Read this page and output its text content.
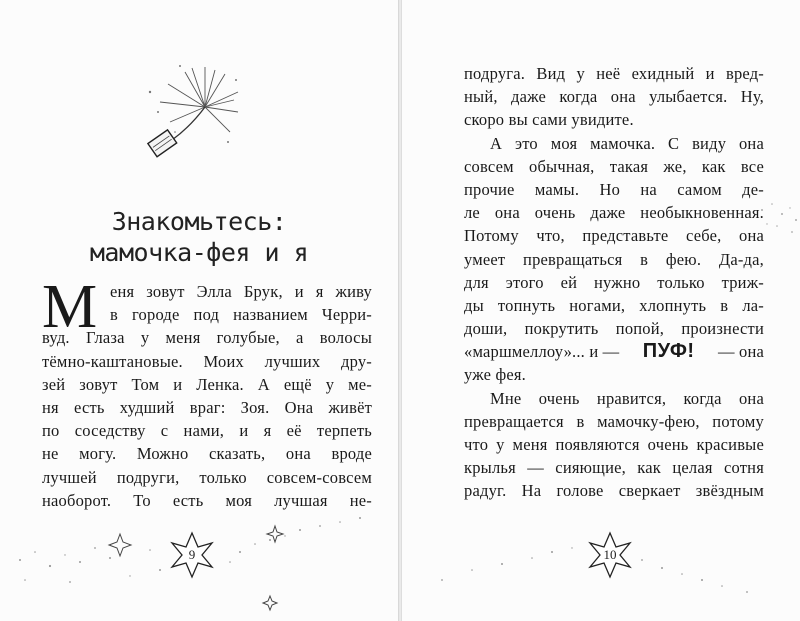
Знакомьтесь:
мамочка-фея и я
М еня зовут Элла Брук, и я живу
в городе под названием Черри-
вуд. Глаза у меня голубые, а волосы
тёмно-каштановые. Моих лучших дру-
зей зовут Том и Ленка. А ещё у ме-
ня есть худший враг: Зоя. Она живёт
по соседству с нами, и я её терпеть
не могу. Можно сказать, она вроде
лучшей подруги, только совсем-совсем
наоборот. То есть моя лучшая не-
9
подруга. Вид у неё ехидный и вред-
ный, даже когда она улыбается. Ну,
скоро вы сами увидите.
А это моя мамочка. С виду она
совсем обычная, такая же, как все
прочие мамы. Но на самом де-
ле она очень даже необыкновенная.
Потому что, представьте себе, она
умеет превращаться в фею. Да-да,
для этого ей нужно только триж-
ды топнуть ногами, хлопнуть в ла-
доши, покрутить попой, произнести
«маршмеллоу»... и — ПУФ! — она
уже фея.
Мне очень нравится, когда она
превращается в мамочку-фею, потому
что у меня появляются очень красивые
крылья — сияющие, как целая сотня
радуг. На голове сверкает звёздным
10
